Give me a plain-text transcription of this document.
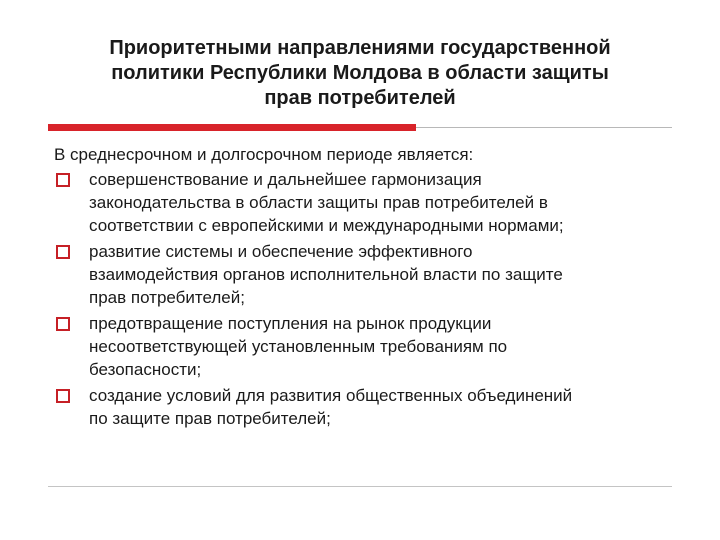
Приоритетными направлениями государственной
политики Республики Молдова в области защиты
прав потребителей

В среднесрочном и долгосрочном периоде является:

совершенствование и дальнейшее гармонизация
законодательства в области защиты прав потребителей в
соответствии с европейскими и международными нормами;
развитие системы и обеспечение эффективного
взаимодействия органов исполнительной власти по защите
прав потребителей;
предотвращение поступления на рынок продукции
несоответствующей установленным требованиям по
безопасности;
создание условий для развития общественных объединений
по защите прав потребителей;
